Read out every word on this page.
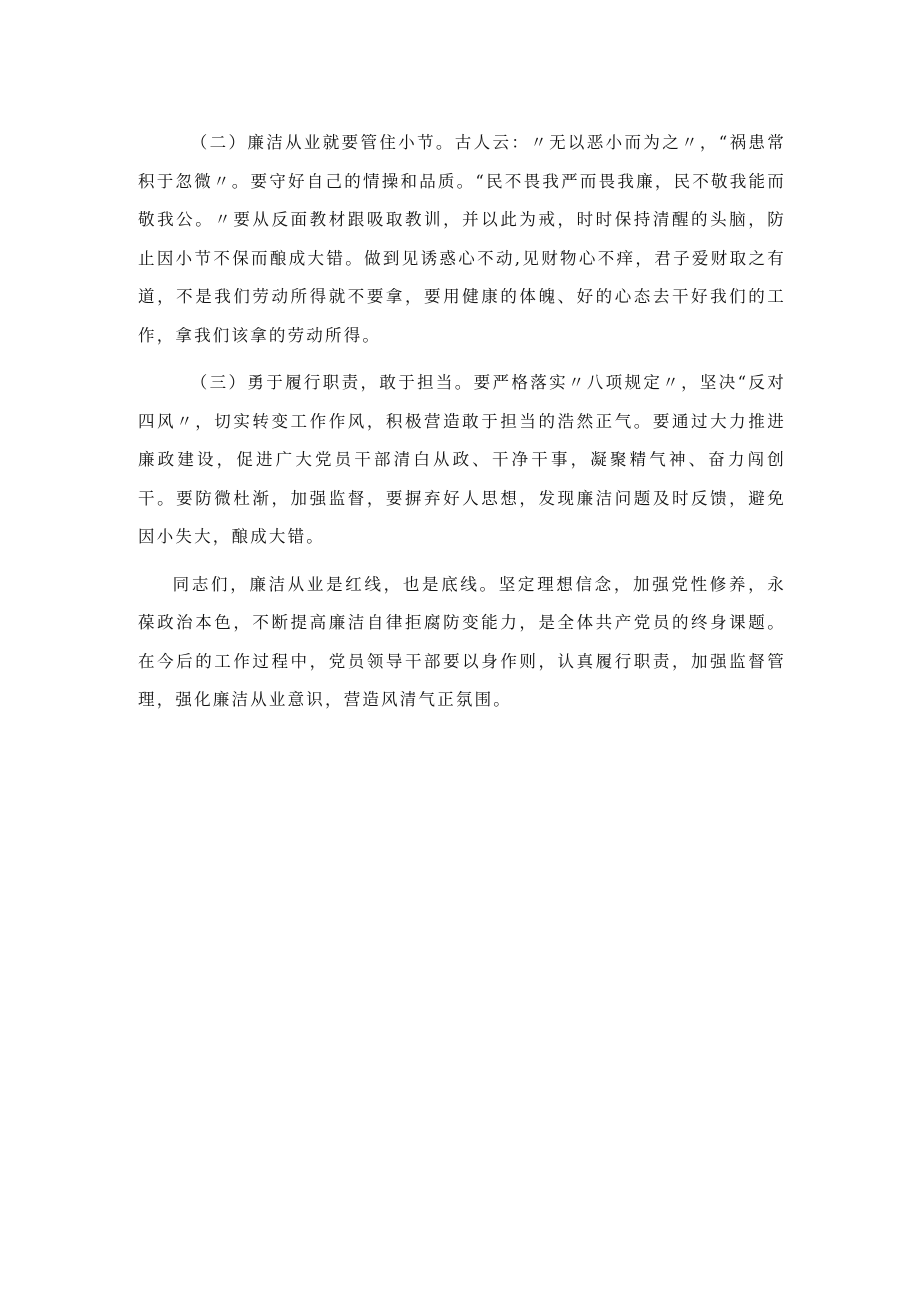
（二）廉洁从业就要管住小节。古人云：〃无以恶小而为之〃，“祸患常积于忽微〃。要守好自己的情操和品质。“民不畏我严而畏我廉，民不敬我能而敬我公。〃要从反面教材跟吸取教训，并以此为戒，时时保持清醒的头脑，防止因小节不保而酿成大错。做到见诱惑心不动,见财物心不痒，君子爱财取之有道，不是我们劳动所得就不要拿，要用健康的体魄、好的心态去干好我们的工作，拿我们该拿的劳动所得。

（三）勇于履行职责，敢于担当。要严格落实〃八项规定〃，坚决“反对四风〃，切实转变工作作风，积极营造敢于担当的浩然正气。要通过大力推进廉政建设，促进广大党员干部清白从政、干净干事，凝聚精气神、奋力闯创干。要防微杜渐，加强监督，要摒弃好人思想，发现廉洁问题及时反馈，避免因小失大，酿成大错。

同志们，廉洁从业是红线，也是底线。坚定理想信念，加强党性修养，永葆政治本色，不断提高廉洁自律拒腐防变能力，是全体共产党员的终身课题。在今后的工作过程中，党员领导干部要以身作则，认真履行职责，加强监督管理，强化廉洁从业意识，营造风清气正氛围。
